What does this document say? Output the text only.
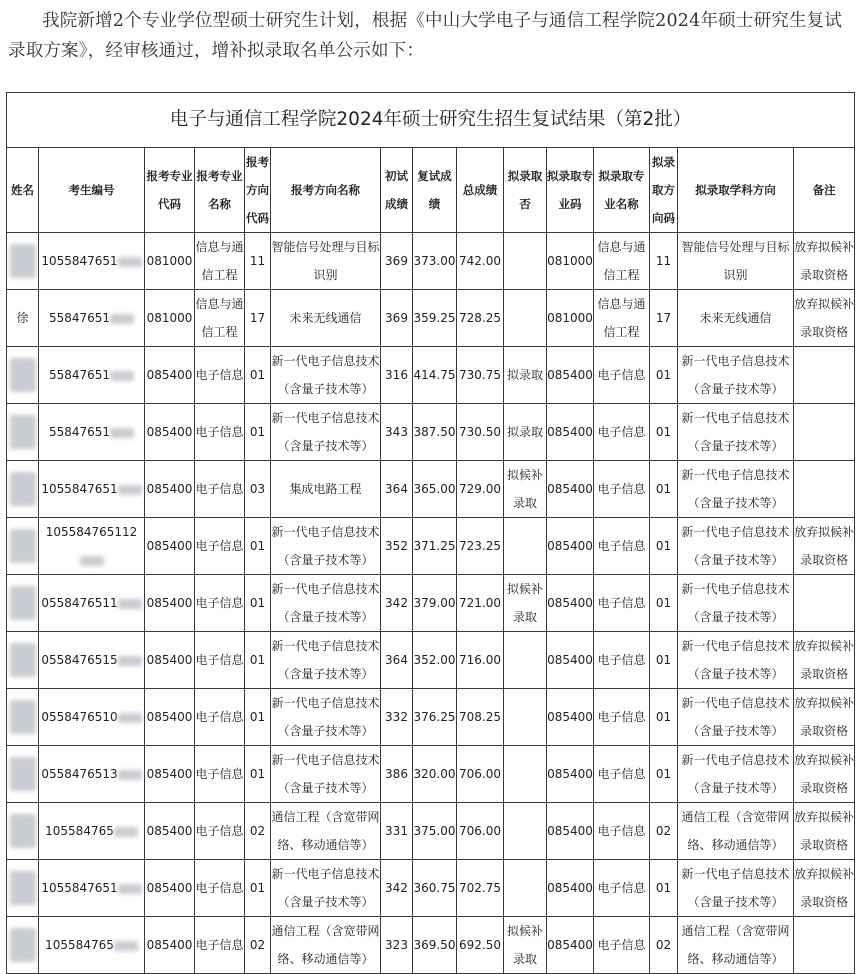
我院新增2个专业学位型硕士研究生计划，根据《中山大学电子与通信工程学院2024年硕士研究生复试录取方案》，经审核通过，增补拟录取名单公示如下：
电子与通信工程学院2024年硕士研究生招生复试结果（第2批）														
姓名	考生编号	报考专业代码	报考专业名称	报考方向代码	报考方向名称	初试成绩	复试成绩	总成绩	拟录取否	拟录取专业码	拟录取专业名称	拟录取方向码	拟录取学科方向	备注
	1055847651	081000	信息与通信工程	11	智能信号处理与目标识别	369	373.00	742.00		081000	信息与通信工程	11	智能信号处理与目标识别	放弃拟候补录取资格
徐	55847651	081000	信息与通信工程	17	未来无线通信	369	359.25	728.25		081000	信息与通信工程	17	未来无线通信	放弃拟候补录取资格
	55847651	085400	电子信息	01	新一代电子信息技术（含量子技术等）	316	414.75	730.75	拟录取	085400	电子信息	01	新一代电子信息技术（含量子技术等）	
	55847651	085400	电子信息	01	新一代电子信息技术（含量子技术等）	343	387.50	730.50	拟录取	085400	电子信息	01	新一代电子信息技术（含量子技术等）	
	1055847651	085400	电子信息	03	集成电路工程	364	365.00	729.00	拟候补录取	085400	电子信息	01	新一代电子信息技术（含量子技术等）	
	105584765112	085400	电子信息	01	新一代电子信息技术（含量子技术等）	352	371.25	723.25		085400	电子信息	01	新一代电子信息技术（含量子技术等）	放弃拟候补录取资格
	0558476511	085400	电子信息	01	新一代电子信息技术（含量子技术等）	342	379.00	721.00	拟候补录取	085400	电子信息	01	新一代电子信息技术（含量子技术等）	
	0558476515	085400	电子信息	01	新一代电子信息技术（含量子技术等）	364	352.00	716.00		085400	电子信息	01	新一代电子信息技术（含量子技术等）	放弃拟候补录取资格
	0558476510	085400	电子信息	01	新一代电子信息技术（含量子技术等）	332	376.25	708.25		085400	电子信息	01	新一代电子信息技术（含量子技术等）	放弃拟候补录取资格
	0558476513	085400	电子信息	01	新一代电子信息技术（含量子技术等）	386	320.00	706.00		085400	电子信息	01	新一代电子信息技术（含量子技术等）	放弃拟候补录取资格
	105584765	085400	电子信息	02	通信工程（含宽带网络、移动通信等）	331	375.00	706.00		085400	电子信息	02	通信工程（含宽带网络、移动通信等）	放弃拟候补录取资格
	1055847651	085400	电子信息	01	新一代电子信息技术（含量子技术等）	342	360.75	702.75		085400	电子信息	01	新一代电子信息技术（含量子技术等）	放弃拟候补录取资格
	105584765	085400	电子信息	02	通信工程（含宽带网络、移动通信等）	323	369.50	692.50	拟候补录取	085400	电子信息	02	通信工程（含宽带网络、移动通信等）	
